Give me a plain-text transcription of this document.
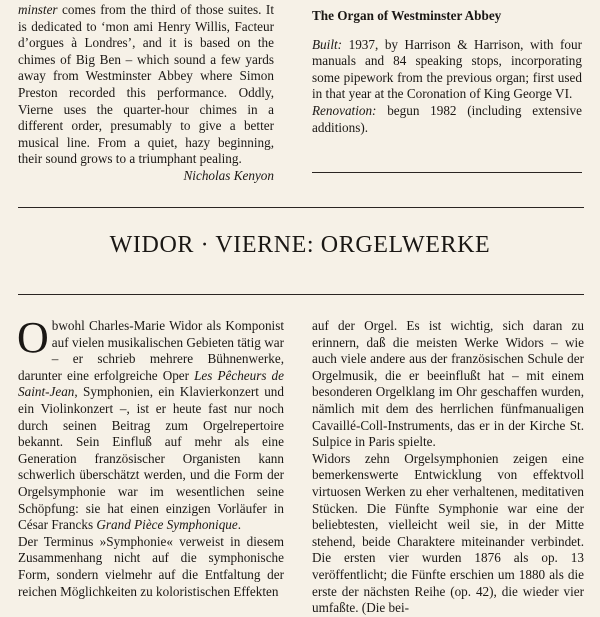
minster comes from the third of those suites. It is dedicated to ‘mon ami Henry Willis, Facteur d’orgues à Londres’, and it is based on the chimes of Big Ben – which sound a few yards away from Westminster Abbey where Simon Preston recorded this performance. Oddly, Vierne uses the quarter-hour chimes in a different order, presumably to give a better musical line. From a quiet, hazy beginning, their sound grows to a triumphant pealing.

Nicholas Kenyon

The Organ of Westminster Abbey

Built: 1937, by Harrison & Harrison, with four manuals and 84 speaking stops, incorporating some pipework from the previous organ; first used in that year at the Coronation of King George VI.

Renovation: begun 1982 (including extensive additions).

WIDOR · VIERNE: ORGELWERKE

Obwohl Charles-Marie Widor als Komponist auf vielen musikalischen Gebieten tätig war – er schrieb mehrere Bühnenwerke, darunter eine erfolgreiche Oper Les Pêcheurs de Saint-Jean, Symphonien, ein Klavierkonzert und ein Violinkonzert –, ist er heute fast nur noch durch seinen Beitrag zum Orgelrepertoire bekannt. Sein Einfluß auf mehr als eine Generation französischer Organisten kann schwerlich überschätzt werden, und die Form der Orgelsymphonie war im wesentlichen seine Schöpfung: sie hat einen einzigen Vorläufer in César Francks Grand Pièce Symphonique.

Der Terminus »Symphonie« verweist in diesem Zusammenhang nicht auf die symphonische Form, sondern vielmehr auf die Entfaltung der reichen Möglichkeiten zu koloristischen Effekten

auf der Orgel. Es ist wichtig, sich daran zu erinnern, daß die meisten Werke Widors – wie auch viele andere aus der französischen Schule der Orgelmusik, die er beeinflußt hat – mit einem besonderen Orgelklang im Ohr geschaffen wurden, nämlich mit dem des herrlichen fünfmanualigen Cavaillé-Coll-Instruments, das er in der Kirche St. Sulpice in Paris spielte.

Widors zehn Orgelsymphonien zeigen eine bemerkenswerte Entwicklung von effektvoll virtuosen Werken zu eher verhaltenen, meditativen Stücken. Die Fünfte Symphonie war eine der beliebtesten, vielleicht weil sie, in der Mitte stehend, beide Charaktere miteinander verbindet. Die ersten vier wurden 1876 als op. 13 veröffentlicht; die Fünfte erschien um 1880 als die erste der nächsten Reihe (op. 42), die wieder vier umfaßte. (Die bei-
